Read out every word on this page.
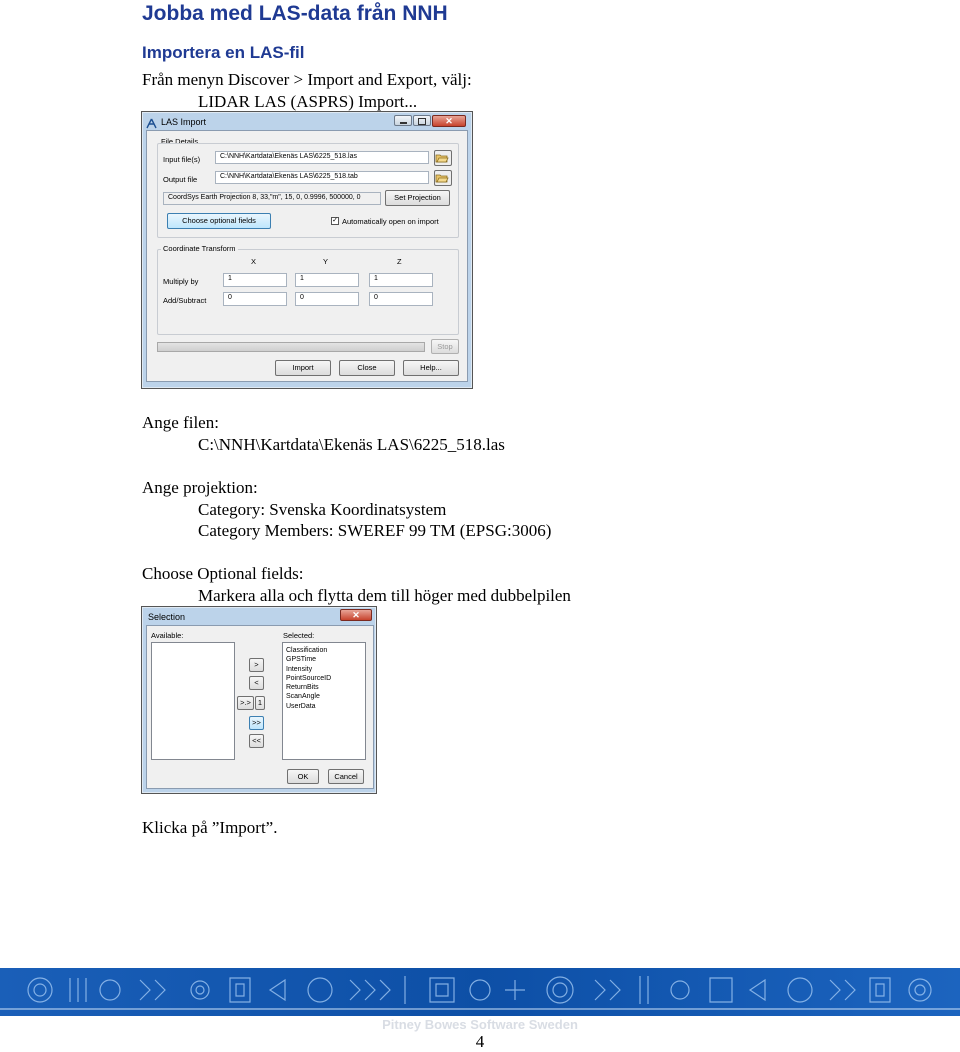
Jobba med LAS-data från NNH
Importera en LAS-fil
Från menyn Discover > Import and Export, välj:
LIDAR LAS (ASPRS) Import...
LAS Import	✕
File Details
Input file(s)	C:\NNH\Kartdata\Ekenäs LAS\6225_518.las
Output file	C:\NNH\Kartdata\Ekenäs LAS\6225_518.tab
CoordSys Earth Projection 8, 33,"m", 15, 0, 0.9996, 500000, 0	Set Projection
Choose optional fields	✓ Automatically open on import
Coordinate Transform
X	Y	Z
Multiply by	1	1	1
Add/Subtract	0	0	0
Stop
Import	Close	Help...
Ange filen:
C:\NNH\Kartdata\Ekenäs LAS\6225_518.las
Ange projektion:
Category: Svenska Koordinatsystem
Category Members: SWEREF 99 TM (EPSG:3006)
Choose Optional fields:
Markera alla och flytta dem till höger med dubbelpilen
Selection	✕
Available:	Selected:
Classification
GPSTime
Intensity
PointSourceID
ReturnBits
ScanAngle
UserData
>
<
>.> 1
>>
<<
OK	Cancel
Klicka på ”Import”.
Pitney Bowes Software Sweden
4
